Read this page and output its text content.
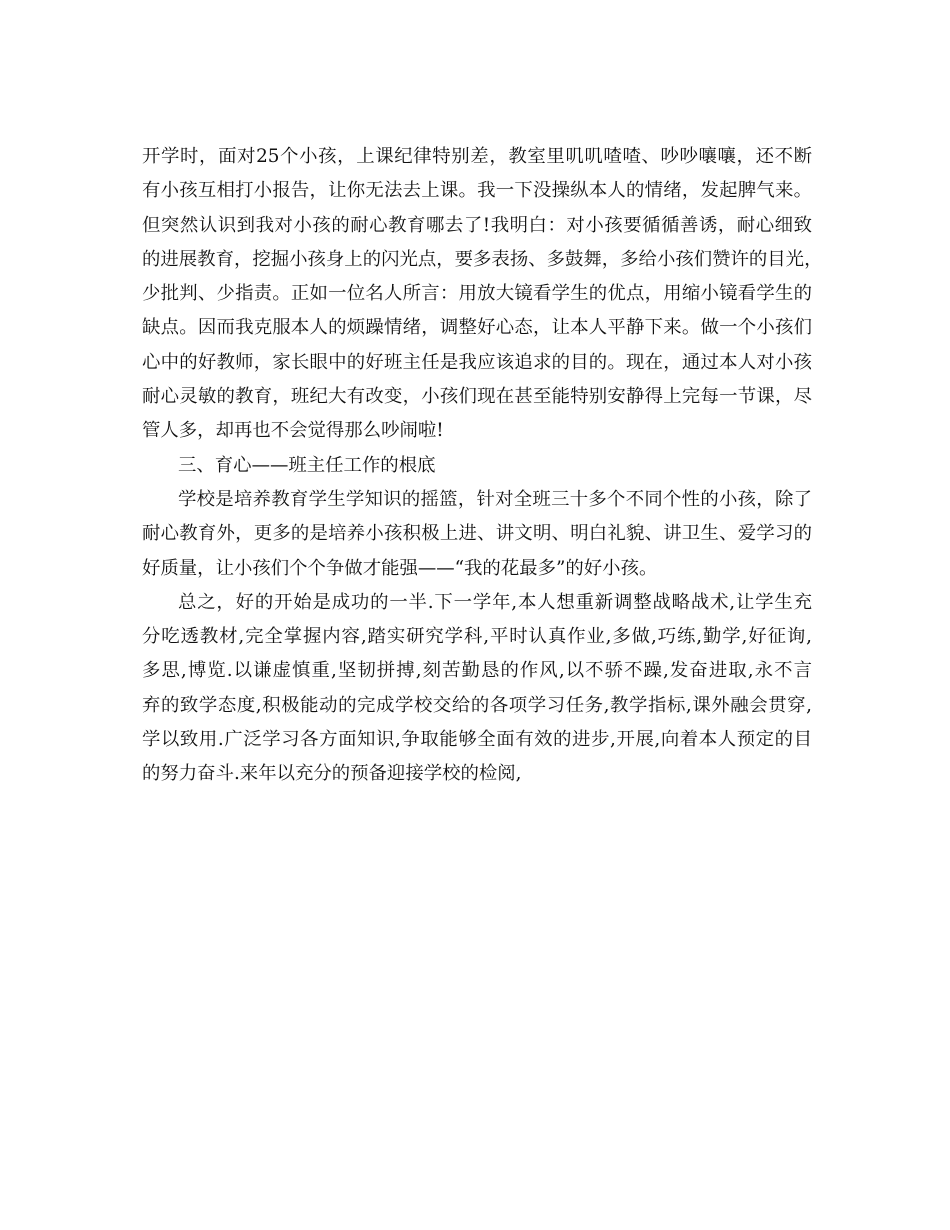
开学时，面对25个小孩，上课纪律特别差，教室里叽叽喳喳、吵吵嚷嚷，还不断
有小孩互相打小报告，让你无法去上课。我一下没操纵本人的情绪，发起脾气来。
但突然认识到我对小孩的耐心教育哪去了!我明白：对小孩要循循善诱，耐心细致
的进展教育，挖掘小孩身上的闪光点，要多表扬、多鼓舞，多给小孩们赞许的目光，
少批判、少指责。正如一位名人所言：用放大镜看学生的优点，用缩小镜看学生的
缺点。因而我克服本人的烦躁情绪，调整好心态，让本人平静下来。做一个小孩们
心中的好教师，家长眼中的好班主任是我应该追求的目的。现在，通过本人对小孩
耐心灵敏的教育，班纪大有改变，小孩们现在甚至能特别安静得上完每一节课，尽
管人多，却再也不会觉得那么吵闹啦!
三、育心——班主任工作的根底
学校是培养教育学生学知识的摇篮，针对全班三十多个不同个性的小孩，除了
耐心教育外，更多的是培养小孩积极上进、讲文明、明白礼貌、讲卫生、爱学习的
好质量，让小孩们个个争做才能强——“我的花最多”的好小孩。
总之，好的开始是成功的一半.下一学年,本人想重新调整战略战术,让学生充
分吃透教材,完全掌握内容,踏实研究学科,平时认真作业,多做,巧练,勤学,好征询,
多思,博览.以谦虚慎重,坚韧拼搏,刻苦勤恳的作风,以不骄不躁,发奋进取,永不言
弃的致学态度,积极能动的完成学校交给的各项学习任务,教学指标,课外融会贯穿,
学以致用.广泛学习各方面知识,争取能够全面有效的进步,开展,向着本人预定的目
的努力奋斗.来年以充分的预备迎接学校的检阅,
